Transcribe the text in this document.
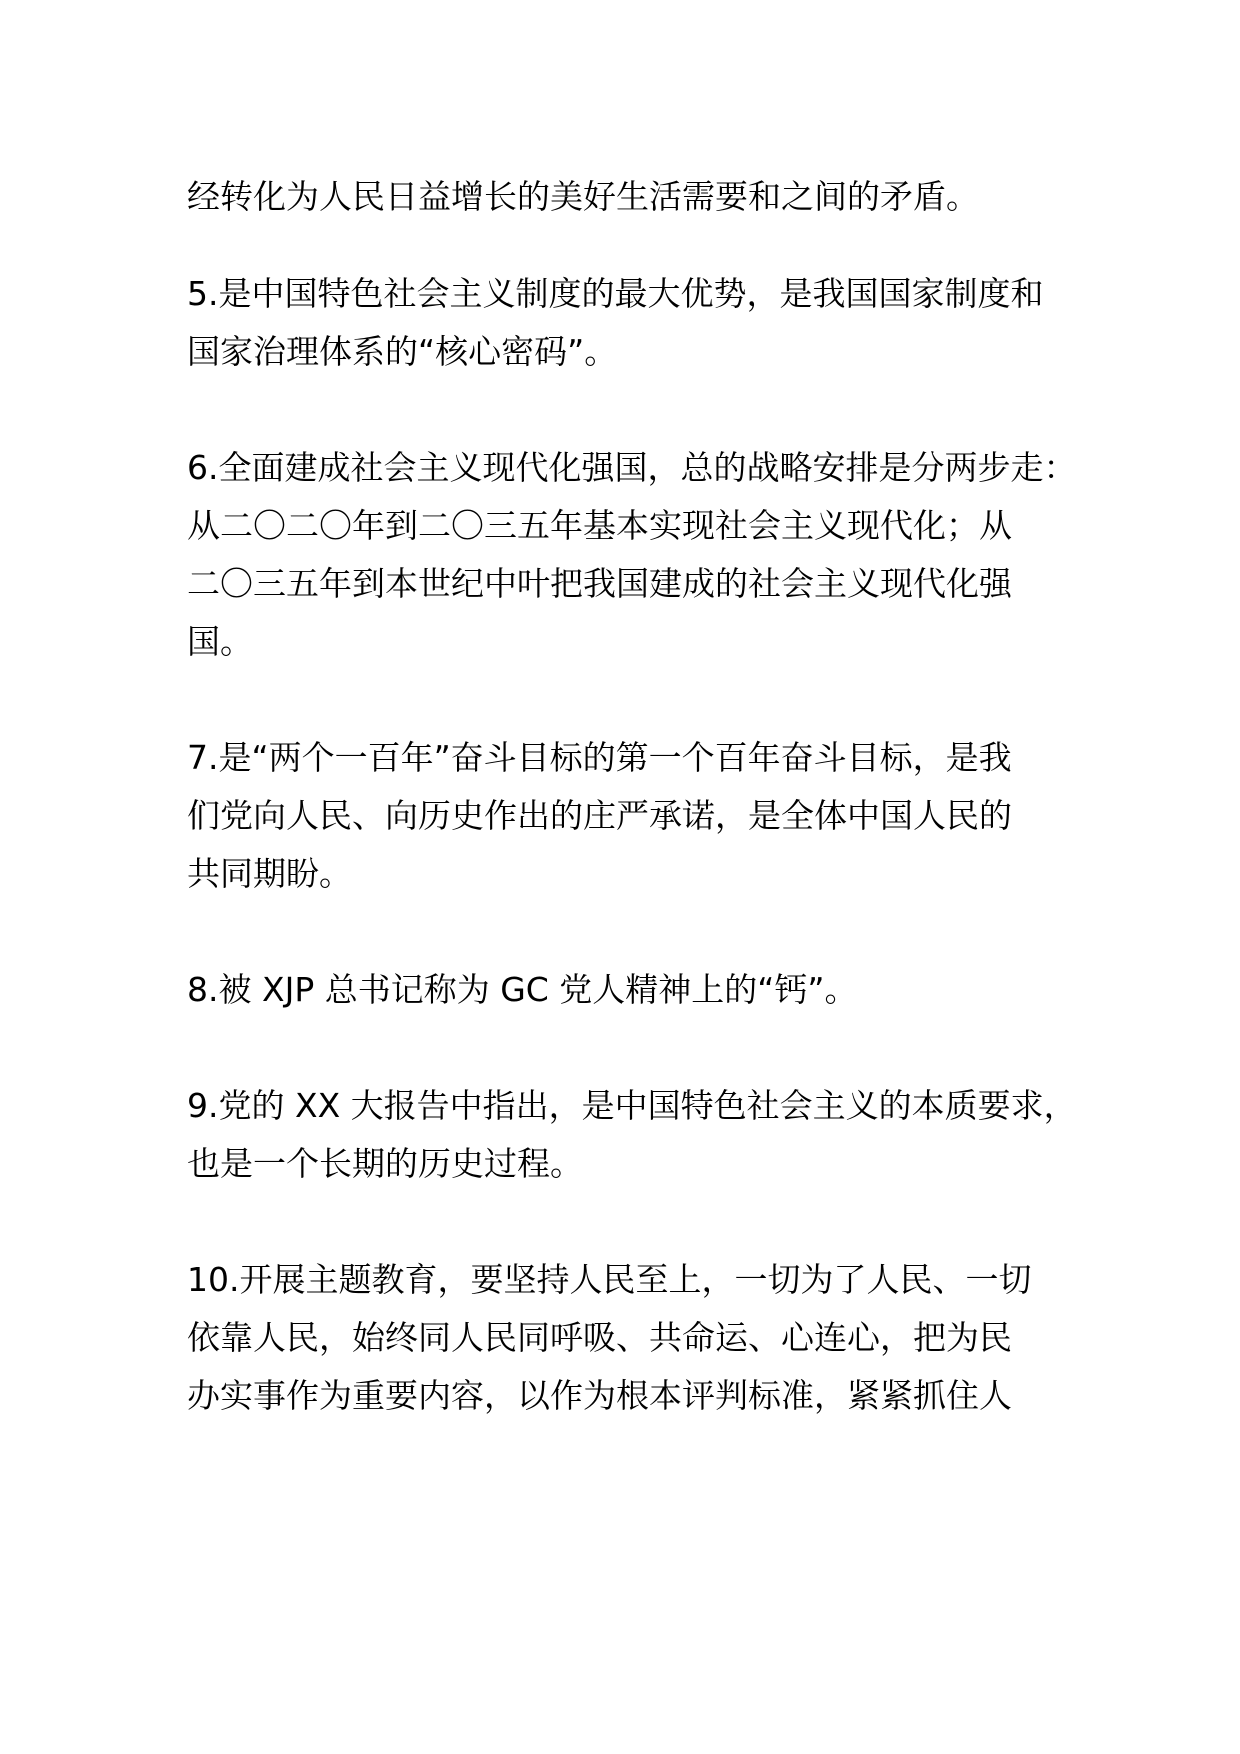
经转化为人民日益增长的美好生活需要和之间的矛盾。

5.是中国特色社会主义制度的最大优势，是我国国家制度和

国家治理体系的“核心密码”。

6.全面建成社会主义现代化强国，总的战略安排是分两步走：

从二〇二〇年到二〇三五年基本实现社会主义现代化；从

二〇三五年到本世纪中叶把我国建成的社会主义现代化强

国。

7.是“两个一百年”奋斗目标的第一个百年奋斗目标，是我

们党向人民、向历史作出的庄严承诺，是全体中国人民的

共同期盼。

8.被 XJP 总书记称为 GC 党人精神上的“钙”。

9.党的 XX 大报告中指出，是中国特色社会主义的本质要求，

也是一个长期的历史过程。

10.开展主题教育，要坚持人民至上，一切为了人民、一切

依靠人民，始终同人民同呼吸、共命运、心连心，把为民

办实事作为重要内容，以作为根本评判标准，紧紧抓住人
